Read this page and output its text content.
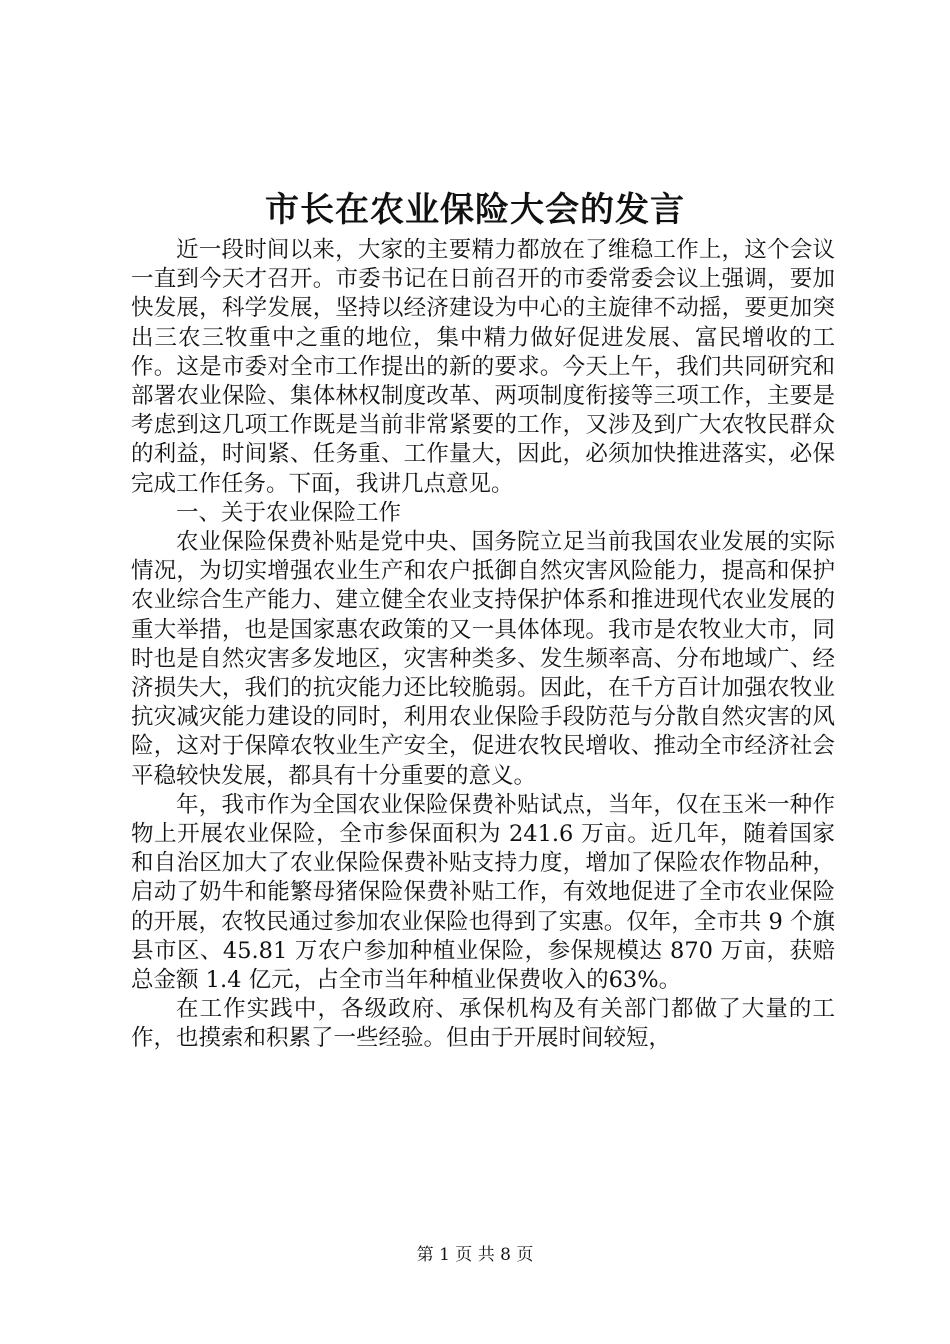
市长在农业保险大会的发言

近一段时间以来，大家的主要精力都放在了维稳工作上，这个会议一直到今天才召开。市委书记在日前召开的市委常委会议上强调，要加快发展，科学发展，坚持以经济建设为中心的主旋律不动摇，要更加突出三农三牧重中之重的地位，集中精力做好促进发展、富民增收的工作。这是市委对全市工作提出的新的要求。今天上午，我们共同研究和部署农业保险、集体林权制度改革、两项制度衔接等三项工作，主要是考虑到这几项工作既是当前非常紧要的工作，又涉及到广大农牧民群众的利益，时间紧、任务重、工作量大，因此，必须加快推进落实，必保完成工作任务。下面，我讲几点意见。

一、关于农业保险工作

农业保险保费补贴是党中央、国务院立足当前我国农业发展的实际情况，为切实增强农业生产和农户抵御自然灾害风险能力，提高和保护农业综合生产能力、建立健全农业支持保护体系和推进现代农业发展的重大举措，也是国家惠农政策的又一具体体现。我市是农牧业大市，同时也是自然灾害多发地区，灾害种类多、发生频率高、分布地域广、经济损失大，我们的抗灾能力还比较脆弱。因此，在千方百计加强农牧业抗灾减灾能力建设的同时，利用农业保险手段防范与分散自然灾害的风险，这对于保障农牧业生产安全，促进农牧民增收、推动全市经济社会平稳较快发展，都具有十分重要的意义。

年，我市作为全国农业保险保费补贴试点，当年，仅在玉米一种作物上开展农业保险，全市参保面积为 241.6 万亩。近几年，随着国家和自治区加大了农业保险保费补贴支持力度，增加了保险农作物品种，启动了奶牛和能繁母猪保险保费补贴工作，有效地促进了全市农业保险的开展，农牧民通过参加农业保险也得到了实惠。仅年，全市共 9 个旗县市区、45.81 万农户参加种植业保险，参保规模达 870 万亩，获赔总金额 1.4 亿元，占全市当年种植业保费收入的63%。

在工作实践中，各级政府、承保机构及有关部门都做了大量的工作，也摸索和积累了一些经验。但由于开展时间较短，

第 1 页 共 8 页
